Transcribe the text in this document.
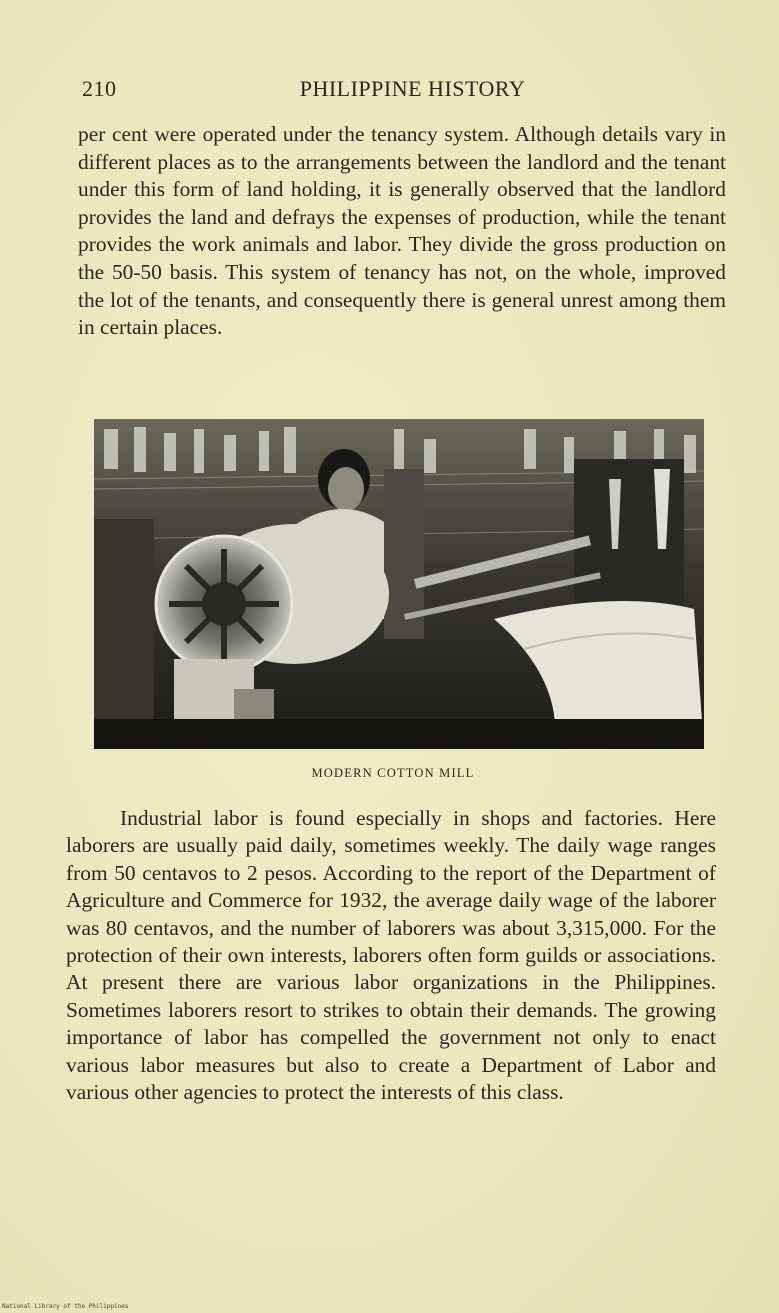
210	PHILIPPINE HISTORY

per cent were operated under the tenancy system. Although details vary in different places as to the arrangements between the landlord and the tenant under this form of land holding, it is generally observed that the landlord provides the land and defrays the expenses of production, while the tenant provides the work animals and labor. They divide the gross production on the 50-50 basis. This system of tenancy has not, on the whole, improved the lot of the tenants, and consequently there is general unrest among them in certain places.

MODERN COTTON MILL

Industrial labor is found especially in shops and factories. Here laborers are usually paid daily, sometimes weekly. The daily wage ranges from 50 centavos to 2 pesos. According to the report of the Department of Agriculture and Commerce for 1932, the average daily wage of the laborer was 80 centavos, and the number of laborers was about 3,315,000. For the protection of their own interests, laborers often form guilds or associations. At present there are various labor organizations in the Philippines. Sometimes laborers resort to strikes to obtain their demands. The growing importance of labor has compelled the government not only to enact various labor measures but also to create a Department of Labor and various other agencies to protect the interests of this class.

National Library of the Philippines
